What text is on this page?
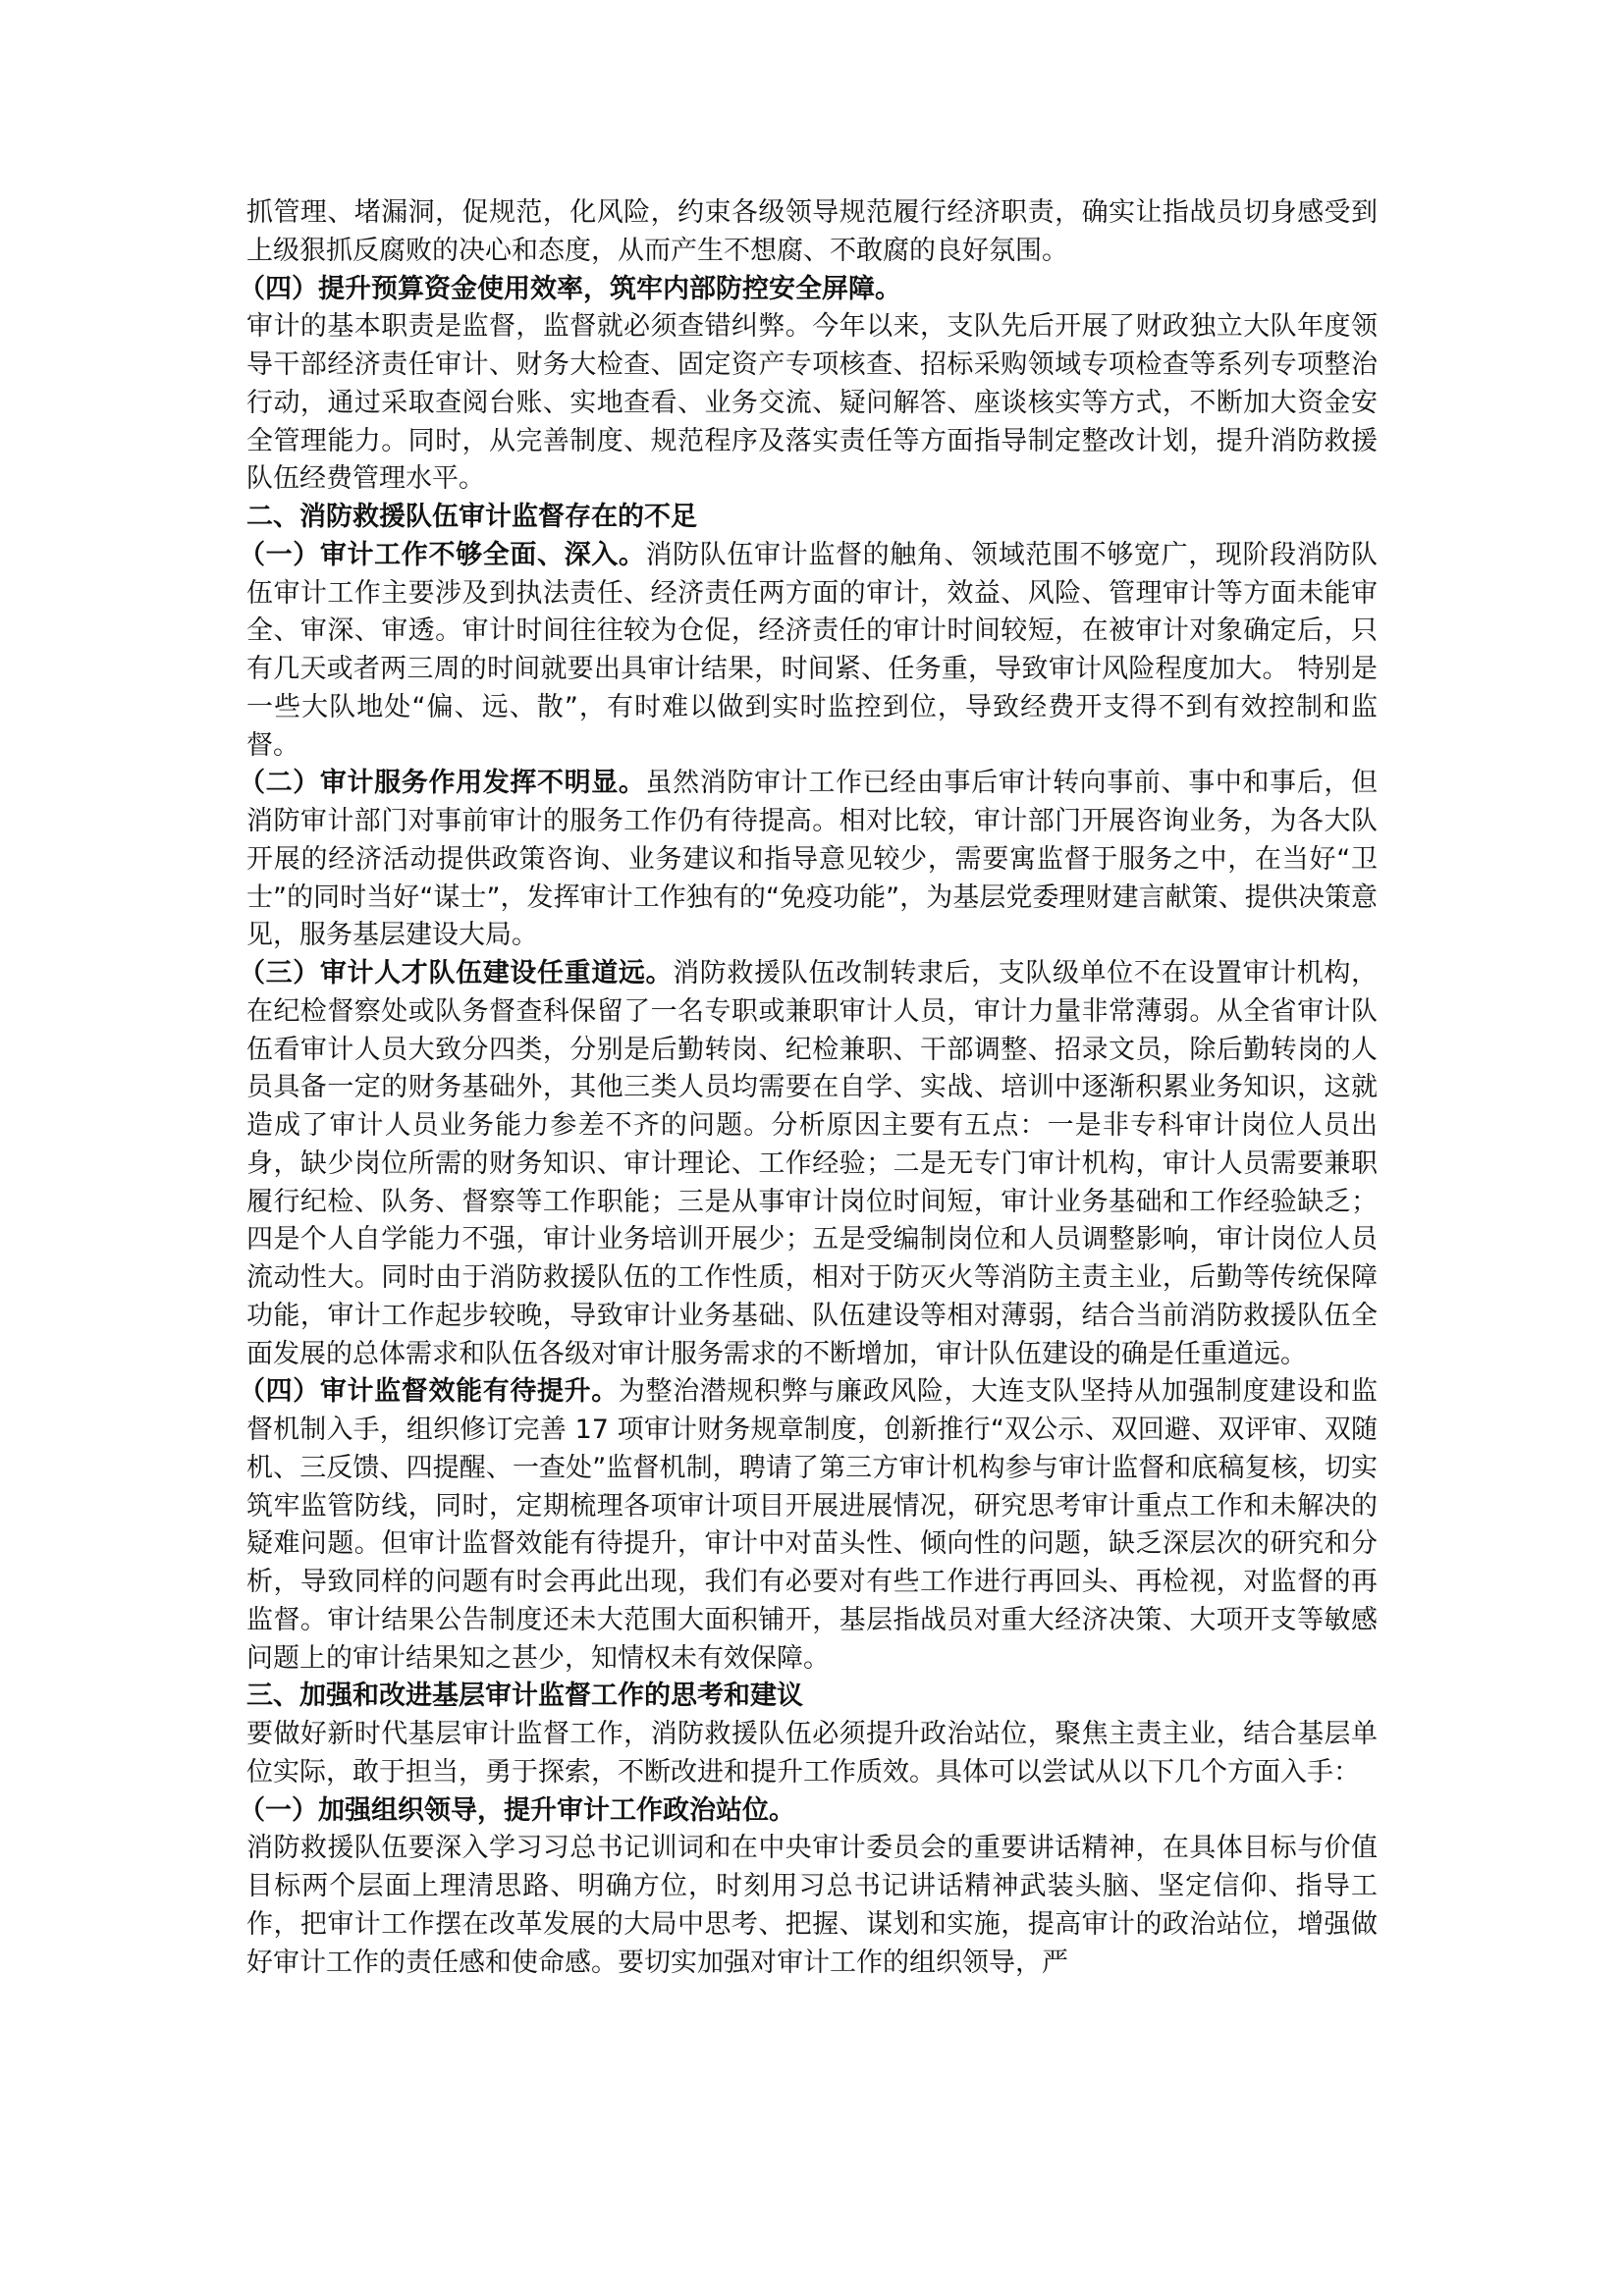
抓管理、堵漏洞，促规范，化风险，约束各级领导规范履行经济职责，确实让指战员切身感受到上级狠抓反腐败的决心和态度，从而产生不想腐、不敢腐的良好氛围。

（四）提升预算资金使用效率，筑牢内部防控安全屏障。

审计的基本职责是监督，监督就必须查错纠弊。今年以来，支队先后开展了财政独立大队年度领导干部经济责任审计、财务大检查、固定资产专项核查、招标采购领域专项检查等系列专项整治行动，通过采取查阅台账、实地查看、业务交流、疑问解答、座谈核实等方式，不断加大资金安全管理能力。同时，从完善制度、规范程序及落实责任等方面指导制定整改计划，提升消防救援队伍经费管理水平。

二、消防救援队伍审计监督存在的不足

（一）审计工作不够全面、深入。消防队伍审计监督的触角、领域范围不够宽广，现阶段消防队伍审计工作主要涉及到执法责任、经济责任两方面的审计，效益、风险、管理审计等方面未能审全、审深、审透。审计时间往往较为仓促，经济责任的审计时间较短，在被审计对象确定后，只有几天或者两三周的时间就要出具审计结果，时间紧、任务重，导致审计风险程度加大。 特别是一些大队地处“偏、远、散”，有时难以做到实时监控到位，导致经费开支得不到有效控制和监督。

（二）审计服务作用发挥不明显。虽然消防审计工作已经由事后审计转向事前、事中和事后，但消防审计部门对事前审计的服务工作仍有待提高。相对比较，审计部门开展咨询业务，为各大队开展的经济活动提供政策咨询、业务建议和指导意见较少，需要寓监督于服务之中，在当好“卫士”的同时当好“谋士”，发挥审计工作独有的“免疫功能”，为基层党委理财建言献策、提供决策意见，服务基层建设大局。

（三）审计人才队伍建设任重道远。消防救援队伍改制转隶后，支队级单位不在设置审计机构，在纪检督察处或队务督查科保留了一名专职或兼职审计人员，审计力量非常薄弱。从全省审计队伍看审计人员大致分四类，分别是后勤转岗、纪检兼职、干部调整、招录文员，除后勤转岗的人员具备一定的财务基础外，其他三类人员均需要在自学、实战、培训中逐渐积累业务知识，这就造成了审计人员业务能力参差不齐的问题。分析原因主要有五点：一是非专科审计岗位人员出身，缺少岗位所需的财务知识、审计理论、工作经验；二是无专门审计机构，审计人员需要兼职履行纪检、队务、督察等工作职能；三是从事审计岗位时间短，审计业务基础和工作经验缺乏；四是个人自学能力不强，审计业务培训开展少；五是受编制岗位和人员调整影响，审计岗位人员流动性大。同时由于消防救援队伍的工作性质，相对于防灭火等消防主责主业，后勤等传统保障功能，审计工作起步较晚，导致审计业务基础、队伍建设等相对薄弱，结合当前消防救援队伍全面发展的总体需求和队伍各级对审计服务需求的不断增加，审计队伍建设的确是任重道远。

（四）审计监督效能有待提升。为整治潜规积弊与廉政风险，大连支队坚持从加强制度建设和监督机制入手，组织修订完善 17 项审计财务规章制度，创新推行“双公示、双回避、双评审、双随机、三反馈、四提醒、一查处”监督机制，聘请了第三方审计机构参与审计监督和底稿复核，切实筑牢监管防线，同时，定期梳理各项审计项目开展进展情况，研究思考审计重点工作和未解决的疑难问题。但审计监督效能有待提升，审计中对苗头性、倾向性的问题，缺乏深层次的研究和分析，导致同样的问题有时会再此出现，我们有必要对有些工作进行再回头、再检视，对监督的再监督。审计结果公告制度还未大范围大面积铺开，基层指战员对重大经济决策、大项开支等敏感问题上的审计结果知之甚少，知情权未有效保障。

三、加强和改进基层审计监督工作的思考和建议

要做好新时代基层审计监督工作，消防救援队伍必须提升政治站位，聚焦主责主业，结合基层单位实际，敢于担当，勇于探索，不断改进和提升工作质效。具体可以尝试从以下几个方面入手：

（一）加强组织领导，提升审计工作政治站位。

消防救援队伍要深入学习习总书记训词和在中央审计委员会的重要讲话精神，在具体目标与价值目标两个层面上理清思路、明确方位，时刻用习总书记讲话精神武装头脑、坚定信仰、指导工作，把审计工作摆在改革发展的大局中思考、把握、谋划和实施，提高审计的政治站位，增强做好审计工作的责任感和使命感。要切实加强对审计工作的组织领导，严
